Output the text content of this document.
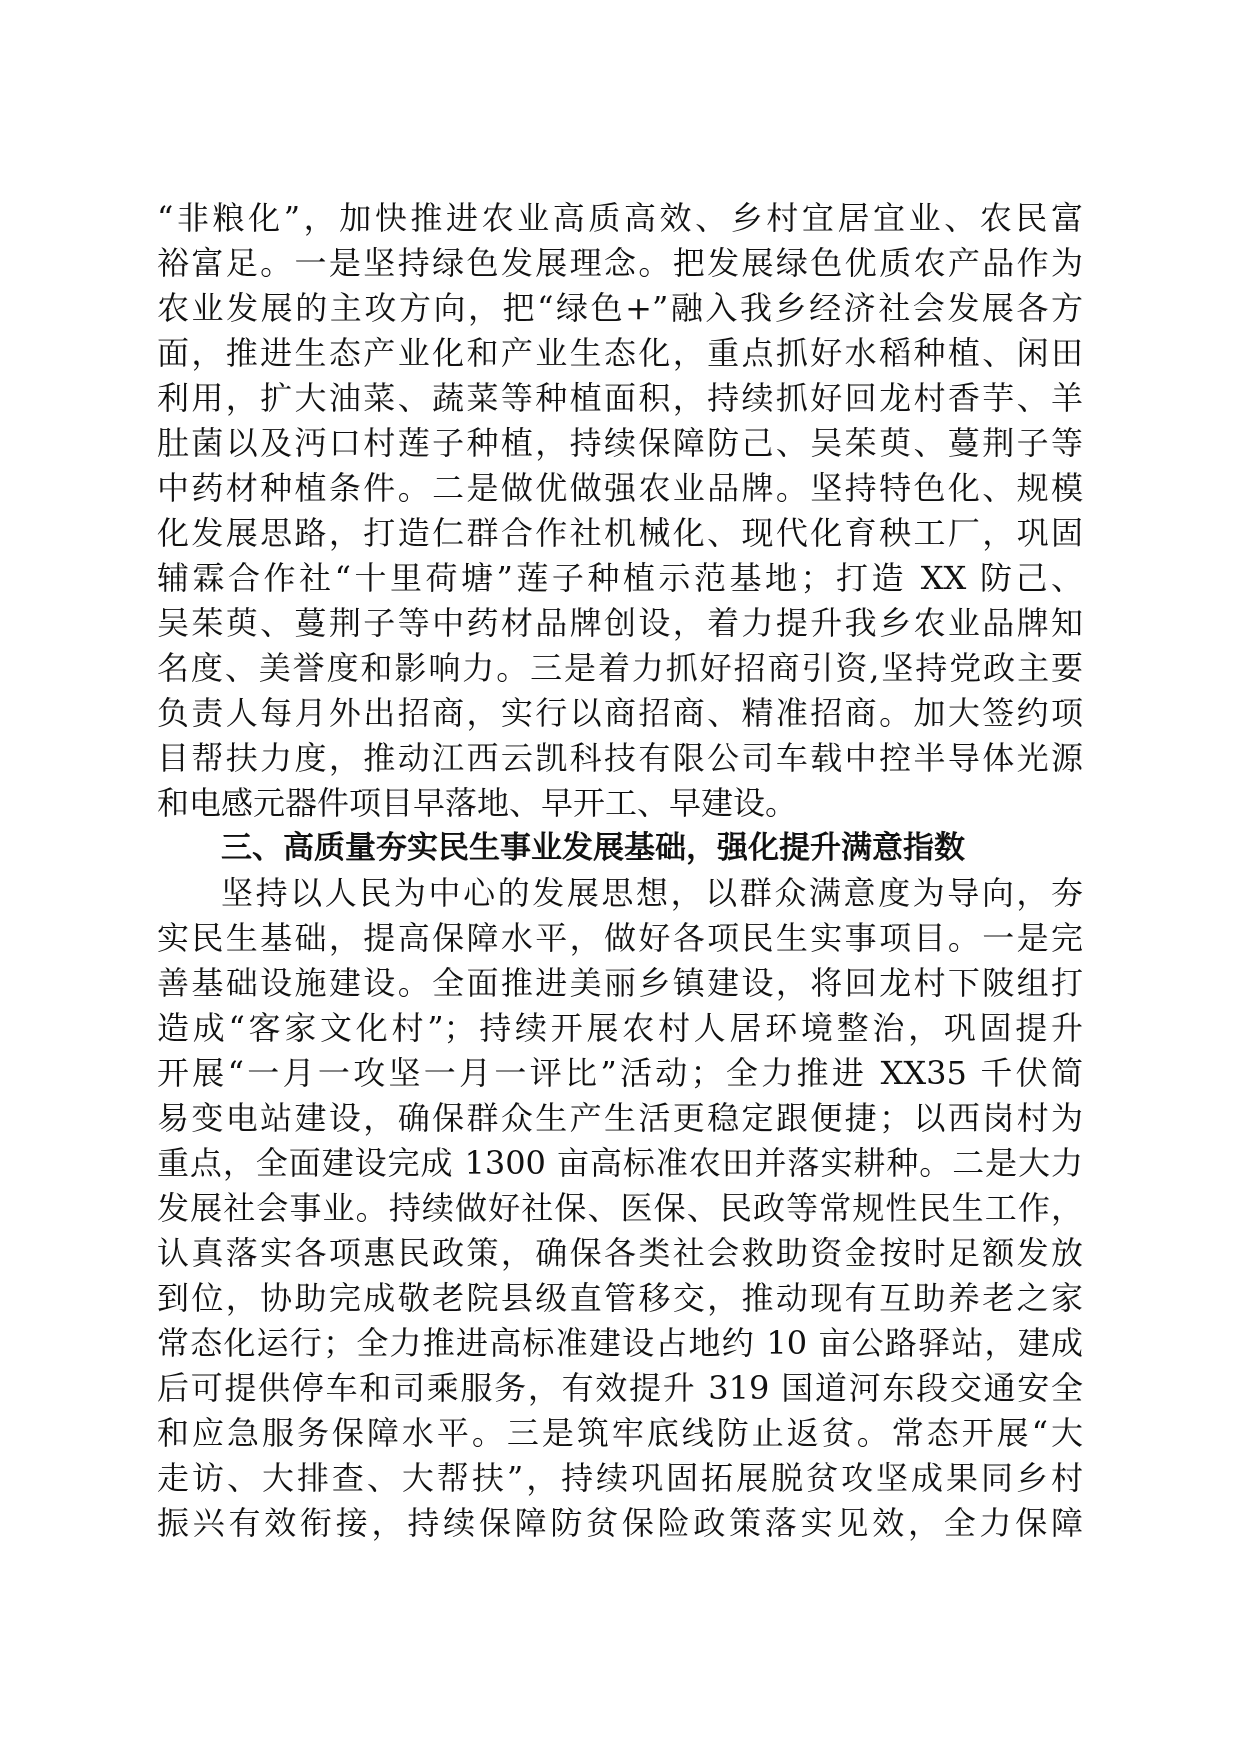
“非粮化”，加快推进农业高质高效、乡村宜居宜业、农民富
裕富足。一是坚持绿色发展理念。把发展绿色优质农产品作为
农业发展的主攻方向，把“绿色+”融入我乡经济社会发展各方
面，推进生态产业化和产业生态化，重点抓好水稻种植、闲田
利用，扩大油菜、蔬菜等种植面积，持续抓好回龙村香芋、羊
肚菌以及沔口村莲子种植，持续保障防己、吴茱萸、蔓荆子等
中药材种植条件。二是做优做强农业品牌。坚持特色化、规模
化发展思路，打造仁群合作社机械化、现代化育秧工厂，巩固
辅霖合作社“十里荷塘”莲子种植示范基地；打造 XX 防己、
吴茱萸、蔓荆子等中药材品牌创设，着力提升我乡农业品牌知
名度、美誉度和影响力。三是着力抓好招商引资,坚持党政主要
负责人每月外出招商，实行以商招商、精准招商。加大签约项
目帮扶力度，推动江西云凯科技有限公司车载中控半导体光源
和电感元器件项目早落地、早开工、早建设。
三、高质量夯实民生事业发展基础，强化提升满意指数
坚持以人民为中心的发展思想，以群众满意度为导向，夯
实民生基础，提高保障水平，做好各项民生实事项目。一是完
善基础设施建设。全面推进美丽乡镇建设，将回龙村下陂组打
造成“客家文化村”；持续开展农村人居环境整治，巩固提升
开展“一月一攻坚一月一评比”活动；全力推进 XX35 千伏简
易变电站建设，确保群众生产生活更稳定跟便捷；以西岗村为
重点，全面建设完成 1300 亩高标准农田并落实耕种。二是大力
发展社会事业。持续做好社保、医保、民政等常规性民生工作，
认真落实各项惠民政策，确保各类社会救助资金按时足额发放
到位，协助完成敬老院县级直管移交，推动现有互助养老之家
常态化运行；全力推进高标准建设占地约 10 亩公路驿站，建成
后可提供停车和司乘服务，有效提升 319 国道河东段交通安全
和应急服务保障水平。三是筑牢底线防止返贫。常态开展“大
走访、大排查、大帮扶”，持续巩固拓展脱贫攻坚成果同乡村
振兴有效衔接，持续保障防贫保险政策落实见效，全力保障
